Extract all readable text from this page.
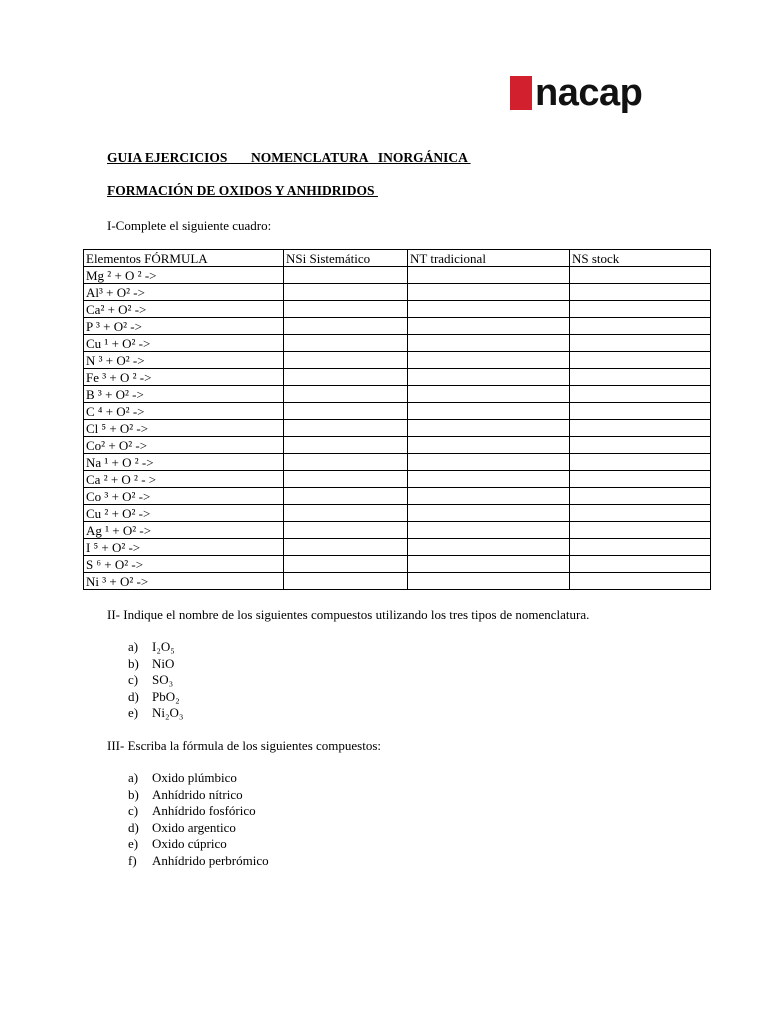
nacap
GUIA EJERCICIOS       NOMENCLATURA   INORGÁNICA
FORMACIÓN DE OXIDOS Y ANHIDRIDOS
I-Complete el siguiente cuadro:
Elementos FÓRMULA	NSi Sistemático	NT tradicional	NS stock
Mg ² + O ² ->			
Al³ + O² ->			
Ca² + O² ->			
P ³ + O² ->			
Cu ¹ + O² ->			
N ³ + O² ->			
Fe ³ + O ² ->			
B ³ + O² ->			
C ⁴ + O² ->			
Cl ⁵ + O² ->			
Co² + O² ->			
Na ¹ + O ² ->			
Ca ² + O ² - >			
Co ³ + O² ->			
Cu ² + O² ->			
Ag ¹ + O² ->			
I ⁵ + O² ->			
S ⁶ + O² ->			
Ni ³ + O² ->			
II- Indique el nombre de los siguientes compuestos utilizando los tres tipos de nomenclatura.
a)	I₂O₅
b)	NiO
c)	SO₃
d)	PbO₂
e)	Ni₂O₃
III- Escriba la fórmula de los siguientes compuestos:
a)	Oxido plúmbico
b)	Anhídrido nítrico
c)	Anhídrido fosfórico
d)	Oxido argentico
e)	Oxido cúprico
f)	Anhídrido perbrómico
